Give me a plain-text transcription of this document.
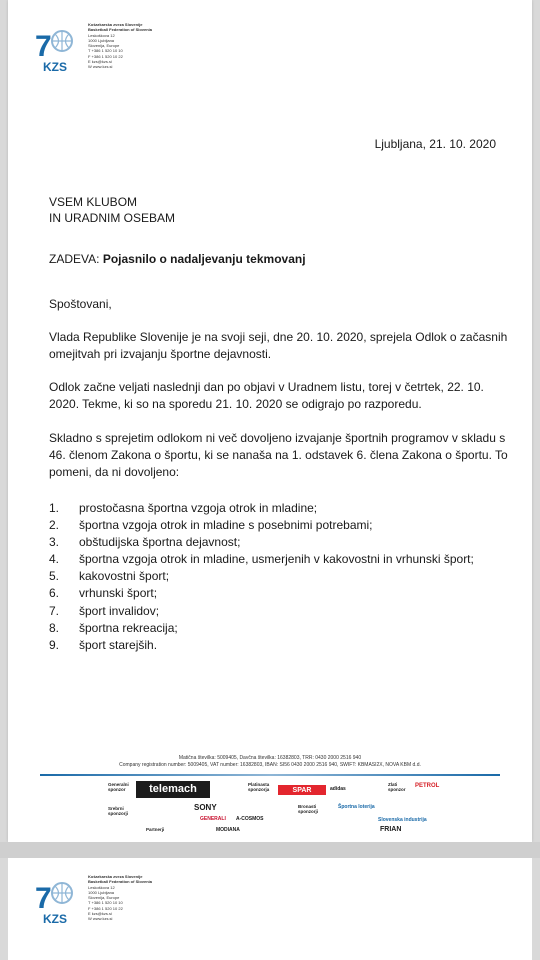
7
KZS
Košarkarska zveza Slovenije
Basketball Federation of Slovenia
Leskoškova 12
1000 Ljubljana
Slovenija, Europe
T +386 1 520 10 10
F +386 1 520 10 22
E kzs@kzs.si
W www.kzs.si
Ljubljana, 21. 10. 2020
VSEM KLUBOM
IN URADNIM OSEBAM
ZADEVA: Pojasnilo o nadaljevanju tekmovanj
Spoštovani,
Vlada Republike Slovenije je na svoji seji, dne 20. 10. 2020, sprejela Odlok o začasnih omejitvah pri izvajanju športne dejavnosti.
Odlok začne veljati naslednji dan po objavi v Uradnem listu, torej v četrtek, 22. 10. 2020. Tekme, ki so na sporedu 21. 10. 2020 se odigrajo po razporedu.
Skladno s sprejetim odlokom ni več dovoljeno izvajanje športnih programov v skladu s 46. členom Zakona o športu, ki se nanaša na 1. odstavek 6. člena Zakona o športu. To pomeni, da ni dovoljeno:
1.	prostočasna športna vzgoja otrok in mladine;
2.	športna vzgoja otrok in mladine s posebnimi potrebami;
3.	obštudijska športna dejavnost;
4.	športna vzgoja otrok in mladine, usmerjenih v kakovostni in vrhunski šport;
5.	kakovostni šport;
6.	vrhunski šport;
7.	šport invalidov;
8.	športna rekreacija;
9.	šport starejših.
Matična številka: 5009405, Davčna številka: 16382803, TRR: 0430 2000 2516 940
Company registration number: 5009405, VAT number: 16382803, IBAN: SI56 0430 2000 2516 940, SWIFT: KBMASI2X, NOVA KBM d.d.
Generalni sponzor	telemach	Platinasta sponzorja	SPAR	adidas
Zlati sponzor
PETROL
Srebrni sponzorji
SONY
GENERALI A-COSMOS
Bronasti sponzorji
Športna loterija
Slovenska industrija
FRIAN
Partnerji	MODIANA
7
KZS
Košarkarska zveza Slovenije
Basketball Federation of Slovenia
Leskoškova 12
1000 Ljubljana
Slovenija, Europe
T +386 1 520 10 10
F +386 1 520 10 22
E kzs@kzs.si
W www.kzs.si
